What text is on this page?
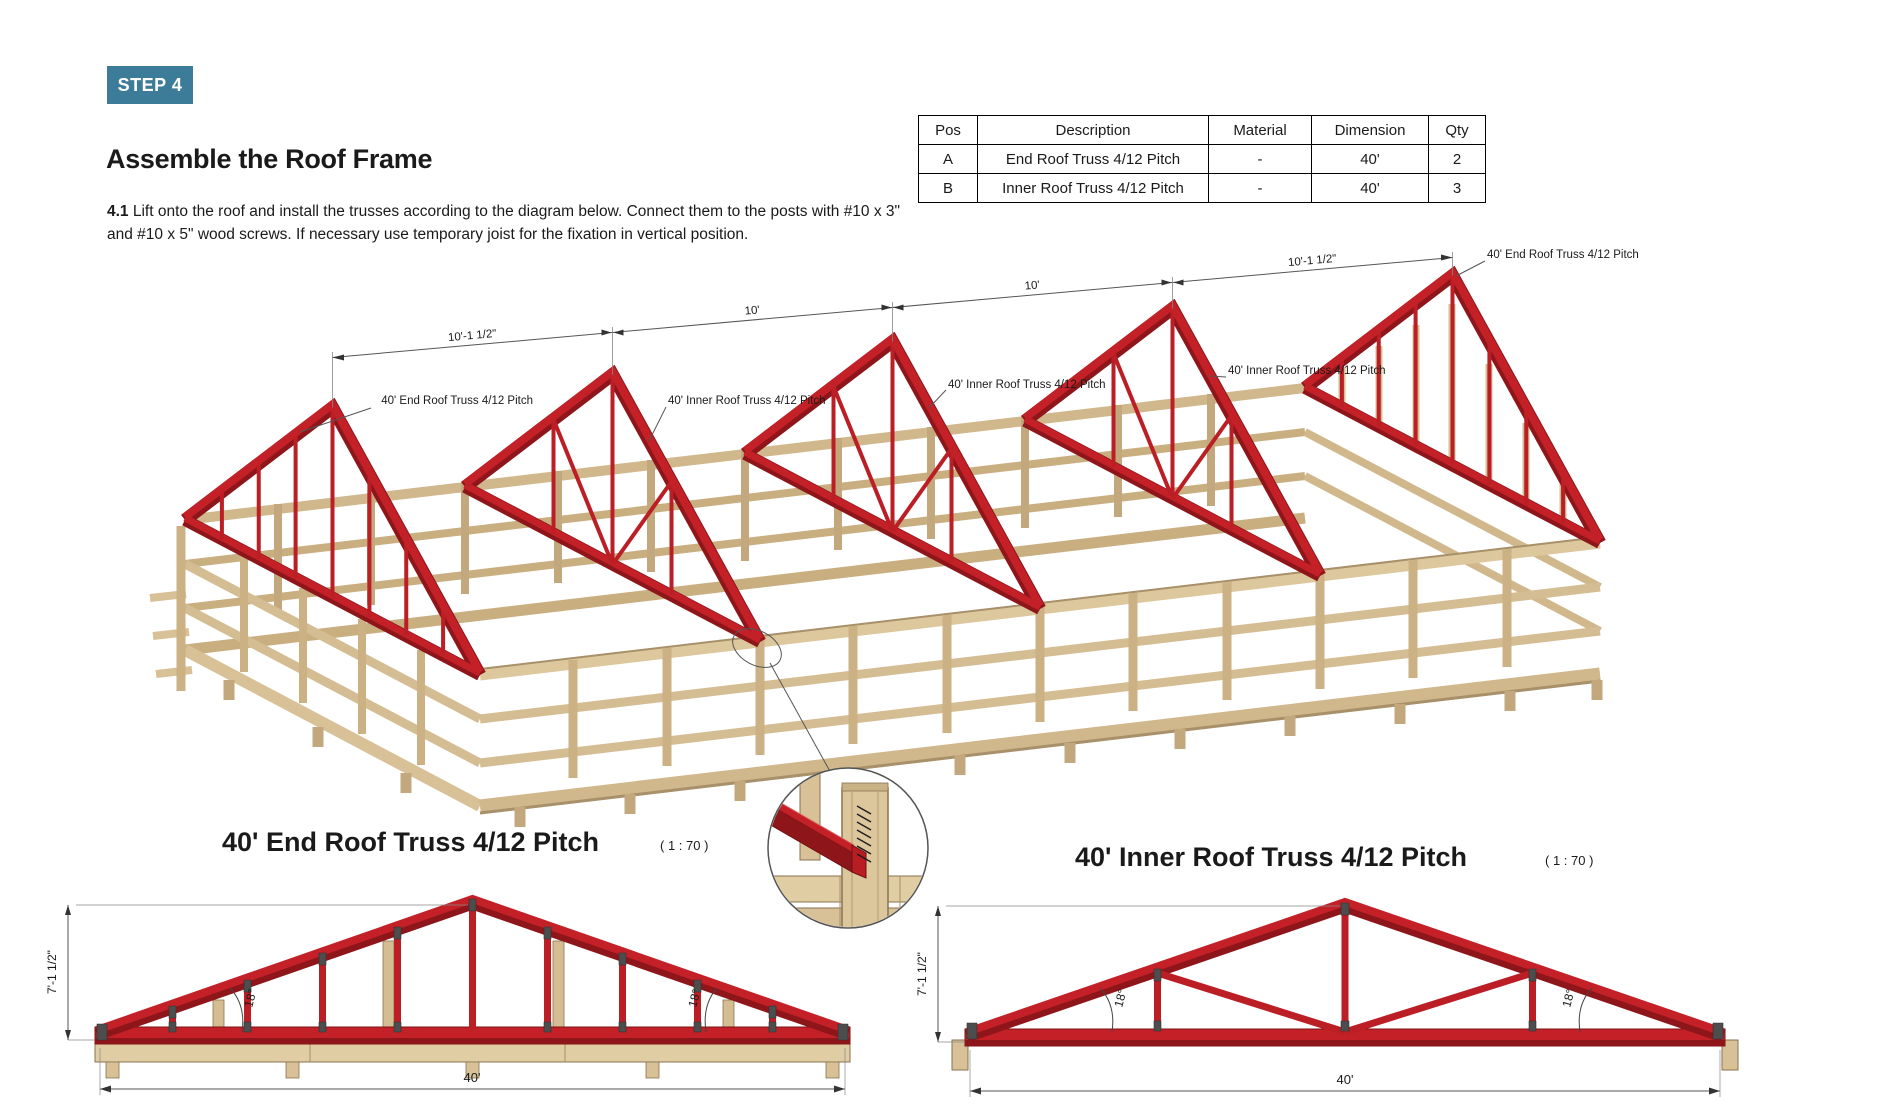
STEP 4
Assemble the Roof Frame
4.1 Lift onto the roof and install the trusses according to the diagram below. Connect them to the posts with #10 x 3" and #10 x 5" wood screws. If necessary use temporary joist for the fixation in vertical position.
Pos	Description	Material	Dimension	Qty
A	End Roof Truss 4/12 Pitch	-	40'	2
B	Inner Roof Truss 4/12 Pitch	-	40'	3
10'-1 1/2"
10'
10'
10'-1 1/2"
40' End Roof Truss 4/12 Pitch	40' Inner Roof Truss 4/12 Pitch
40' Inner Roof Truss 4/12 Pitch
40' Inner Roof Truss 4/12 Pitch
40' End Roof Truss 4/12 Pitch
40' End Roof Truss 4/12 Pitch	( 1 : 70 )
7'-1 1/2"
18°	18°
40'
40' Inner Roof Truss 4/12 Pitch	( 1 : 70 )
7'-1 1/2"
18°	18°
40'
